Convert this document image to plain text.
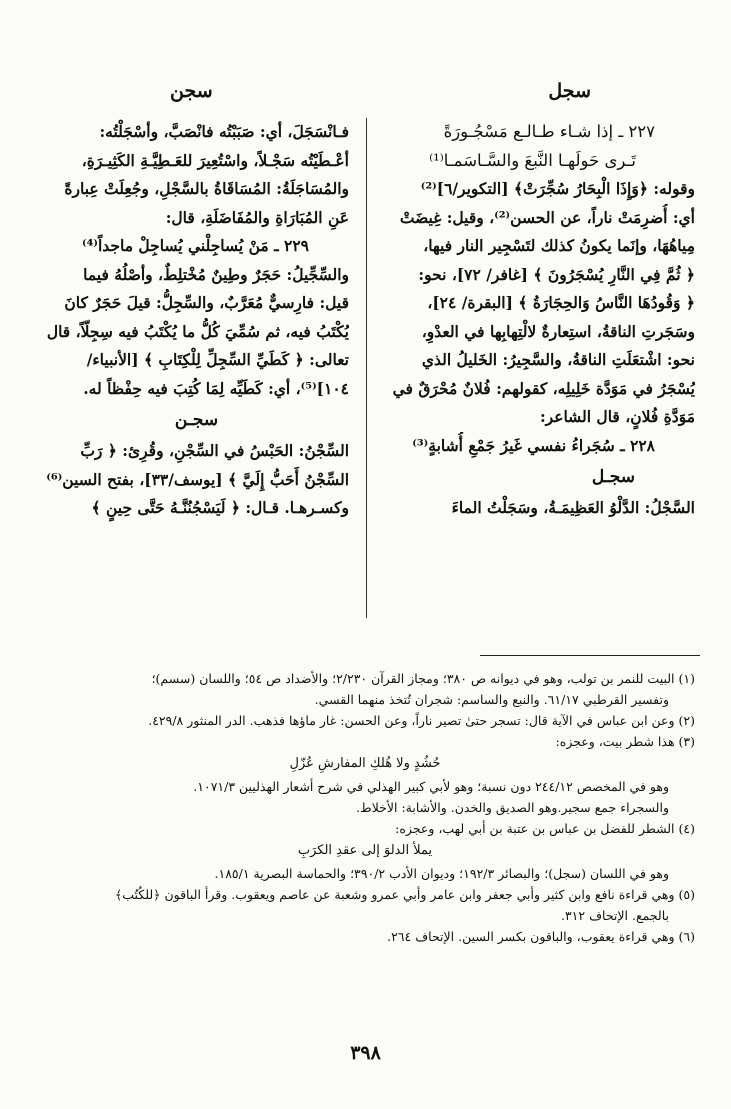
سجل
سجن
٢٢٧ ـ إذا شـاء طـالـع مَسْجُـورَةً
تَـرى حَولَهـا النَّبعَ والسَّـاسَمـا⁽¹⁾
وقوله: ﴿وَإِذَا الْبِحَارُ سُجِّرَتْ﴾ [التكوير/٦]⁽²⁾
أي: أُضرِمَتْ ناراً، عن الحسن⁽²⁾، وقيل: غِيضَتْ
مِياهُهَا، وإنَما يكونُ كذلك لتَسْجِير النار فيها،
﴿ ثُمَّ فِي النَّارِ يُسْجَرُونَ ﴾ [غافر/ ٧٢]، نحو:
﴿ وَقُودُهَا النَّاسُ وَالحِجَارَةُ ﴾ [البقرة/ ٢٤]،
وسَجَرتِ الناقةُ، استِعارةٌ لالْتِهابِها في العدْوِ،
نحو: اشْتعَلَتِ الناقةُ، والسَّجِيرُ: الخَليلُ الذي
يُسْجَرُ في مَوَدَّة خَلِيلِه، كقولهم: فُلانٌ مُحْرَقٌ في
مَوَدَّةِ فُلانٍ، قال الشاعر:
٢٢٨ ـ سُجَراءُ نفسي غَيرُ جَمْعِ أُشابةٍ⁽³⁾
سجـل
السَّجْلُ: الدَّلْوُ العَظِيمَـةُ، وسَجَلْتُ الماءَ
فـانْسَجَلَ، أي: صَبَبْتُه فانْصَبَّ، وأسْجَلْتُه:
أعْـطَيْتُه سَجْـلاً، واسْتُعِيرَ للعَـطِيَّـةِ الكَثِيـرَةِ،
والمُسَاجَلَةُ: المُسَاقَاةُ بالسَّجْلِ، وجُعِلَتْ عِبارةً
عَنِ المُبَارَاةِ والمُفَاضَلَةِ، قال:
٢٢٩ ـ مَنْ يُساجِلْني يُساجِلْ ماجداً⁽⁴⁾
والسِّجِّيلُ: حَجَرٌ وطِينٌ مُخْتلِطٌ، وأصْلُهُ فيما
قيل: فارِسيٌّ مُعَرَّبٌ، والسِّجِلُّ: قيلَ حَجَرٌ كانَ
يُكْتَبُ فيه، ثم سُمِّيَ كُلُّ ما يُكْتَبُ فيه سِجِلّاً، قال
تعالى: ﴿ كَطَيِّ السِّجِلِّ لِلْكِتَابِ ﴾ [الأنبياء/
١٠٤]⁽⁵⁾، أي: كَطَيِّه لِمَا كُتِبَ فيه حِفْظاً له.
سجـن
السِّجْنُ: الحَبْسُ في السِّجْنِ، وقُرِئ: ﴿ رَبِّ
السِّجْنُ أَحَبُّ إِلَيَّ ﴾ [يوسف/٣٣]، بفتح السين⁽⁶⁾
وكسـرهـا. قـال: ﴿ لَيَسْجُنُنَّـهُ حَتَّى حِينٍ ﴾
(١) البيت للنمر بن تولب، وهو في ديوانه ص ٣٨٠؛ ومجاز القرآن ٢/٢٣٠؛ والأضداد ص ٥٤؛ واللسان (سسم)؛
وتفسير القرطبي ٦١/١٧. والنبع والساسم: شجران تُتخذ منهما القسي.
(٢) وعن ابن عباس في الآية قال: تسجر حتىٰ تصير ناراً، وعن الحسن: غار ماؤها فذهب. الدر المنثور ٤٢٩/٨.
(٣) هذا شطر بيت، وعجزه:
حُشُدٍ ولا هُلكِ المفارشِ عُزّلِ
وهو في المخصص ٢٤٤/١٢ دون نسبة؛ وهو لأبي كبير الهذلي في شرح أشعار الهذليين ١٠٧١/٣.
والسجراء جمع سجير.وهو الصديق والخدن. والأشابة: الأخلاط.
(٤) الشطر للفضل بن عباس بن عتبة بن أبي لهب، وعجزه:
يملأ الدلوَ إلى عقدِ الكرَبِ
وهو في اللسان (سجل)؛ والبصائر ١٩٢/٣؛ وديوان الأدب ٣٩٠/٢؛ والحماسة البصرية ١٨٥/١.
(٥) وهي قراءة نافع وابن كثير وأبي جعفر وابن عامر وأبي عمرو وشعبة عن عاصم ويعقوب. وقرأ الباقون ﴿للكُتُب﴾
بالجمع. الإتحاف ٣١٢.
(٦) وهي قراءة يعقوب، والباقون بكسر السين. الإتحاف ٢٦٤.
٣٩٨
